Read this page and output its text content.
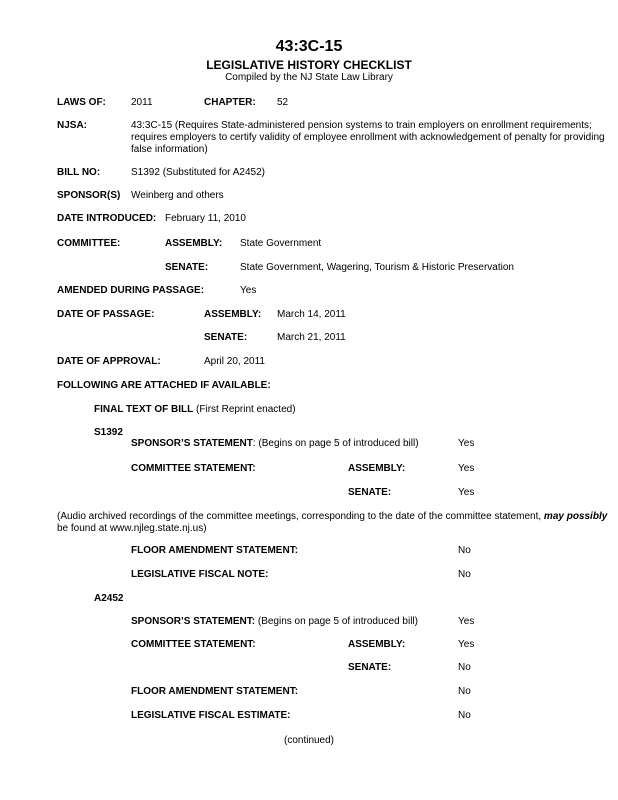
43:3C-15
LEGISLATIVE HISTORY CHECKLIST
Compiled by the NJ State Law Library
LAWS OF:	2011	CHAPTER: 52
NJSA:	43:3C-15 (Requires State-administered pension systems to train employers on enrollment requirements;
requires employers to certify validity of employee enrollment with acknowledgement of penalty for providing
false information)
BILL NO:	S1392 (Substituted for A2452)
SPONSOR(S) Weinberg and others
DATE INTRODUCED: February 11, 2010
COMMITTEE:	ASSEMBLY: State Government
SENATE:	State Government, Wagering, Tourism & Historic Preservation
AMENDED DURING PASSAGE:	Yes
DATE OF PASSAGE:	ASSEMBLY: March 14, 2011
SENATE:	March 21, 2011
DATE OF APPROVAL:	April 20, 2011
FOLLOWING ARE ATTACHED IF AVAILABLE:
FINAL TEXT OF BILL (First Reprint enacted)
S1392
SPONSOR’S STATEMENT: (Begins on page 5 of introduced bill)	Yes
COMMITTEE STATEMENT:	ASSEMBLY:	Yes
SENATE:	Yes
(Audio archived recordings of the committee meetings, corresponding to the date of the committee statement, may possibly
be found at www.njleg.state.nj.us)
FLOOR AMENDMENT STATEMENT:	No
LEGISLATIVE FISCAL NOTE:	No
A2452
SPONSOR’S STATEMENT: (Begins on page 5 of introduced bill)	Yes
COMMITTEE STATEMENT:	ASSEMBLY:	Yes
SENATE:	No
FLOOR AMENDMENT STATEMENT:	No
LEGISLATIVE FISCAL ESTIMATE:	No
(continued)
